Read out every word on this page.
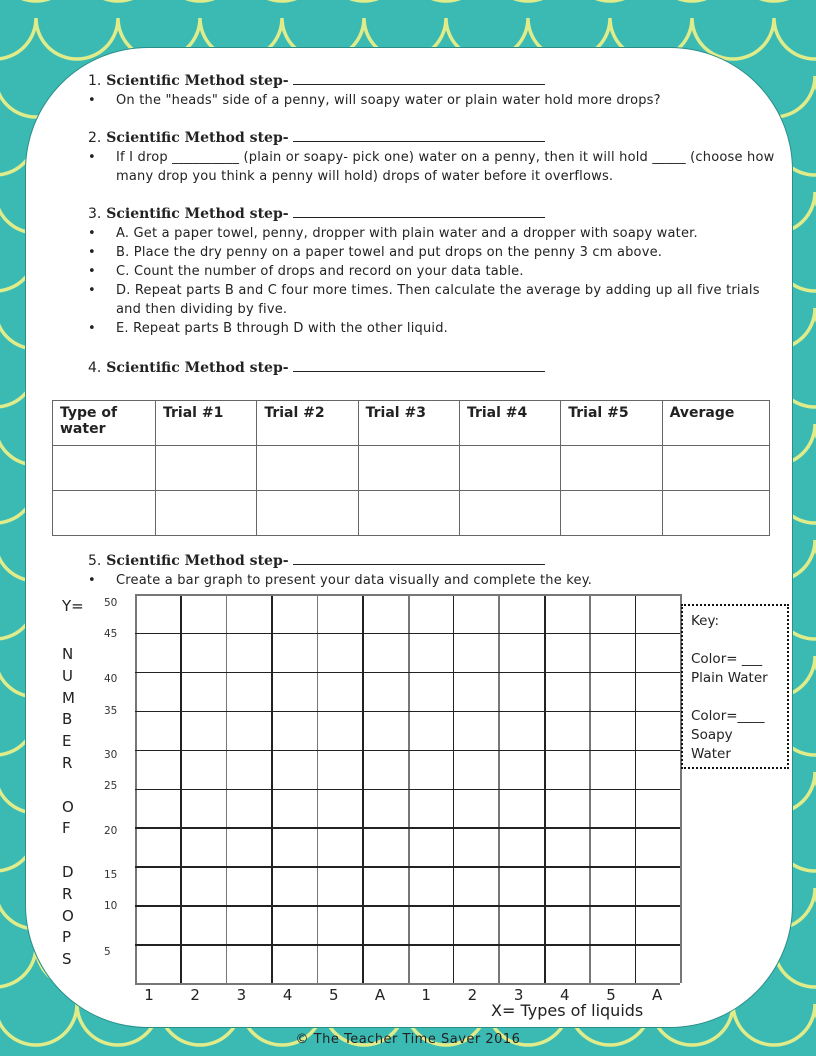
1. Scientific Method step-
• On the "heads" side of a penny, will soapy water or plain water hold more drops?
2. Scientific Method step-
• If I drop __________ (plain or soapy- pick one) water on a penny, then it will hold _____ (choose how many drop you think a penny will hold) drops of water before it overflows.
3. Scientific Method step-
• A. Get a paper towel, penny, dropper with plain water and a dropper with soapy water.
• B. Place the dry penny on a paper towel and put drops on the penny 3 cm above.
• C. Count the number of drops and record on your data table.
• D. Repeat parts B and C four more times. Then calculate the average by adding up all five trials and then dividing by five.
• E. Repeat parts B through D with the other liquid.
4. Scientific Method step-
Type of water	Trial #1	Trial #2	Trial #3	Trial #4	Trial #5	Average

5. Scientific Method step-
• Create a bar graph to present your data visually and complete the key.
Y=
N
U
M
B
E
R
O
F
D
R
O
P
S
50
45
40
35
30
25
20
15
10
5
1	2	3	4	5	A	1	2	3	4	5	A
X= Types of liquids
Key:
Color= ___
Plain Water
Color=____
Soapy Water
© The Teacher Time Saver 2016
